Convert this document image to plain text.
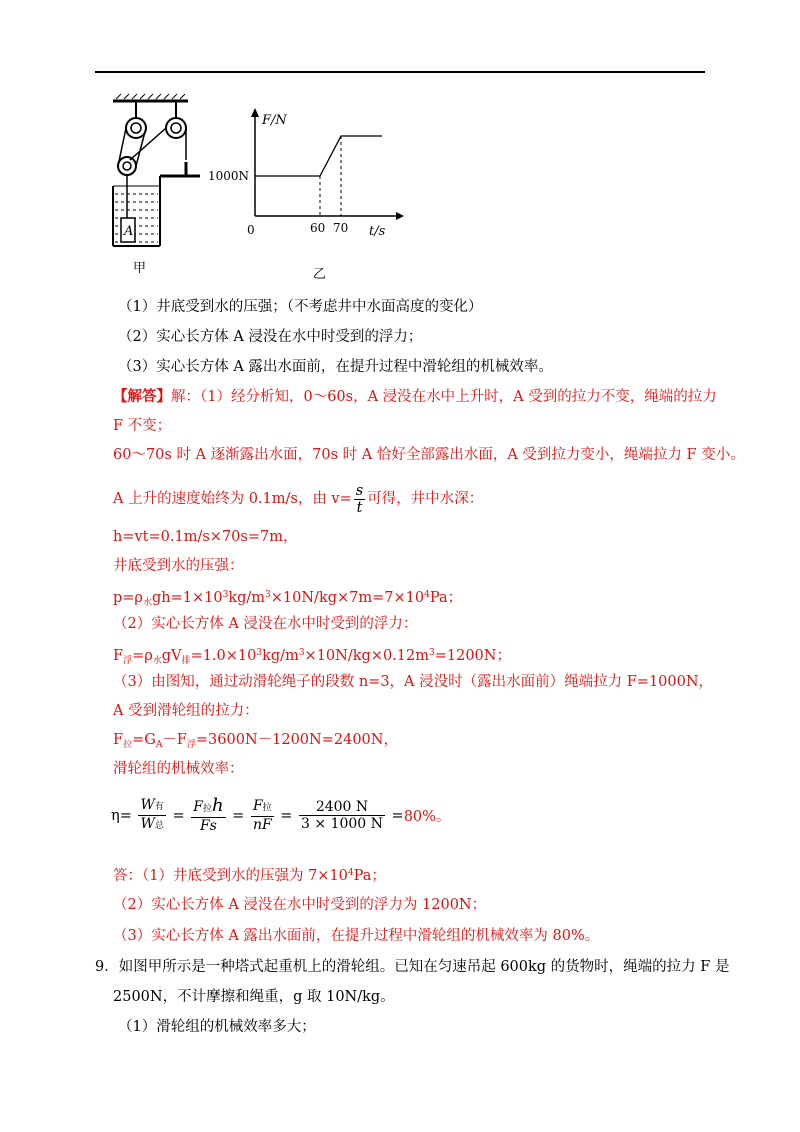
A
甲
F/N
1000N
0	60 70 t/s
乙
（1）井底受到水的压强；（不考虑井中水面高度的变化）
（2）实心长方体 A 浸没在水中时受到的浮力；
（3）实心长方体 A 露出水面前，在提升过程中滑轮组的机械效率。
【解答】解：（1）经分析知，0～60s，A 浸没在水中上升时，A 受到的拉力不变，绳端的拉力
F 不变；
60～70s 时 A 逐渐露出水面，70s 时 A 恰好全部露出水面，A 受到拉力变小，绳端拉力 F 变小。
A 上升的速度始终为 0.1m/s，由 $v= \frac{s}{t}$ 可得，井中水深：
h=vt=0.1m/s×70s=7m，
井底受到水的压强：
$p=\rho_水gh=1\times 10^3kg/m^3\times 10N/kg\times 7m=7\times 10^4Pa$；
（2）实心长方体 A 浸没在水中时受到的浮力：
$F_浮=\rho_水gV_排=1.0\times 10^3kg/m^3\times 10N/kg\times 0.12m^3=1200N$；
（3）由图知，通过动滑轮绳子的段数 n=3，A 浸没时（露出水面前）绳端拉力 F=1000N，
A 受到滑轮组的拉力：
$F_拉=G_A-F_浮=3600N-1200N=2400N$，
滑轮组的机械效率：
$\eta= \frac{\text{W有}}{\text{W总}} = \frac{\text{F拉h}}{Fs} = \frac{\text{F拉}}{nF} = \frac{2400 N}{3 \times 1000 N} =80\%$。
答：（1）井底受到水的压强为 $7\times 10^4Pa$；
（2）实心长方体 A 浸没在水中时受到的浮力为 1200N；
（3）实心长方体 A 露出水面前，在提升过程中滑轮组的机械效率为 80%。
9．如图甲所示是一种塔式起重机上的滑轮组。已知在匀速吊起 600kg 的货物时，绳端的拉力 F 是
2500N，不计摩擦和绳重，g 取 10N/kg。
（1）滑轮组的机械效率多大；
